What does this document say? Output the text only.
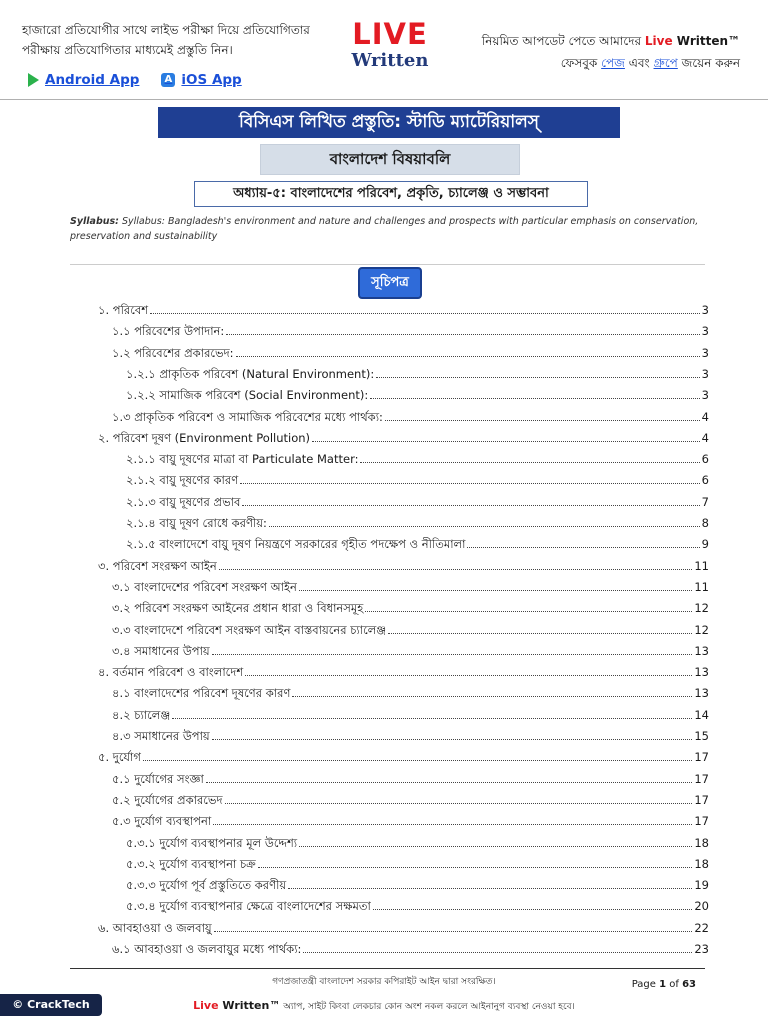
হাজারো প্রতিযোগীর সাথে লাইভ পরীক্ষা দিয়ে প্রতিযোগিতার
পরীক্ষায় প্রতিযোগিতার মাধ্যমেই প্রস্তুতি নিন।
Android App	A iOS App
LIVE
Written
নিয়মিত আপডেট পেতে আমাদের Live Written™
ফেসবুক পেজ এবং গ্রুপে জয়েন করুন
বিসিএস লিখিত প্রস্তুতি: স্টাডি ম্যাটেরিয়ালস্
বাংলাদেশ বিষয়াবলি
অধ্যায়-৫: বাংলাদেশের পরিবেশ, প্রকৃতি, চ্যালেঞ্জ ও সম্ভাবনা
Syllabus: Syllabus: Bangladesh's environment and nature and challenges and prospects with particular emphasis on conservation, preservation and sustainability
সূচিপত্র
১. পরিবেশ	3
১.১ পরিবেশের উপাদান:	3
১.২ পরিবেশের প্রকারভেদ:	3
১.২.১ প্রাকৃতিক পরিবেশ (Natural Environment):	3
১.২.২ সামাজিক পরিবেশ (Social Environment):	3
১.৩ প্রাকৃতিক পরিবেশ ও সামাজিক পরিবেশের মধ্যে পার্থক্য:	4
২. পরিবেশ দূষণ (Environment Pollution)	4
২.১.১ বায়ু দূষণের মাত্রা বা Particulate Matter:	6
২.১.২ বায়ু দূষণের কারণ	6
২.১.৩ বায়ু দূষণের প্রভাব	7
২.১.৪ বায়ু দূষণ রোধে করণীয়:	8
২.১.৫ বাংলাদেশে বায়ু দূষণ নিয়ন্ত্রণে সরকারের গৃহীত পদক্ষেপ ও নীতিমালা	9
৩. পরিবেশ সংরক্ষণ আইন	11
৩.১ বাংলাদেশের পরিবেশ সংরক্ষণ আইন	11
৩.২ পরিবেশ সংরক্ষণ আইনের প্রধান ধারা ও বিধানসমূহ	12
৩.৩ বাংলাদেশে পরিবেশ সংরক্ষণ আইন বাস্তবায়নের চ্যালেঞ্জ	12
৩.৪ সমাধানের উপায়	13
৪. বর্তমান পরিবেশ ও বাংলাদেশ	13
৪.১ বাংলাদেশের পরিবেশ দূষণের কারণ	13
৪.২ চ্যালেঞ্জ	14
৪.৩ সমাধানের উপায়	15
৫. দুর্যোগ	17
৫.১ দুর্যোগের সংজ্ঞা	17
৫.২ দুর্যোগের প্রকারভেদ	17
৫.৩ দুর্যোগ ব্যবস্থাপনা	17
৫.৩.১ দুর্যোগ ব্যবস্থাপনার মূল উদ্দেশ্য	18
৫.৩.২ দুর্যোগ ব্যবস্থাপনা চক্র	18
৫.৩.৩ দুর্যোগ পূর্ব প্রস্তুতিতে করণীয়	19
৫.৩.৪ দুর্যোগ ব্যবস্থাপনার ক্ষেত্রে বাংলাদেশের সক্ষমতা	20
৬. আবহাওয়া ও জলবায়ু	22
৬.১ আবহাওয়া ও জলবায়ুর মধ্যে পার্থক্য:	23
গণপ্রজাতন্ত্রী বাংলাদেশ সরকার কপিরাইট আইন দ্বারা সংরক্ষিত।
Live Written™ অ্যাপ, সাইট কিংবা লেকচার কোন অংশ নকল করলে আইনানুগ ব্যবস্থা নেওয়া হবে।
Page 1 of 63
© CrackTech
